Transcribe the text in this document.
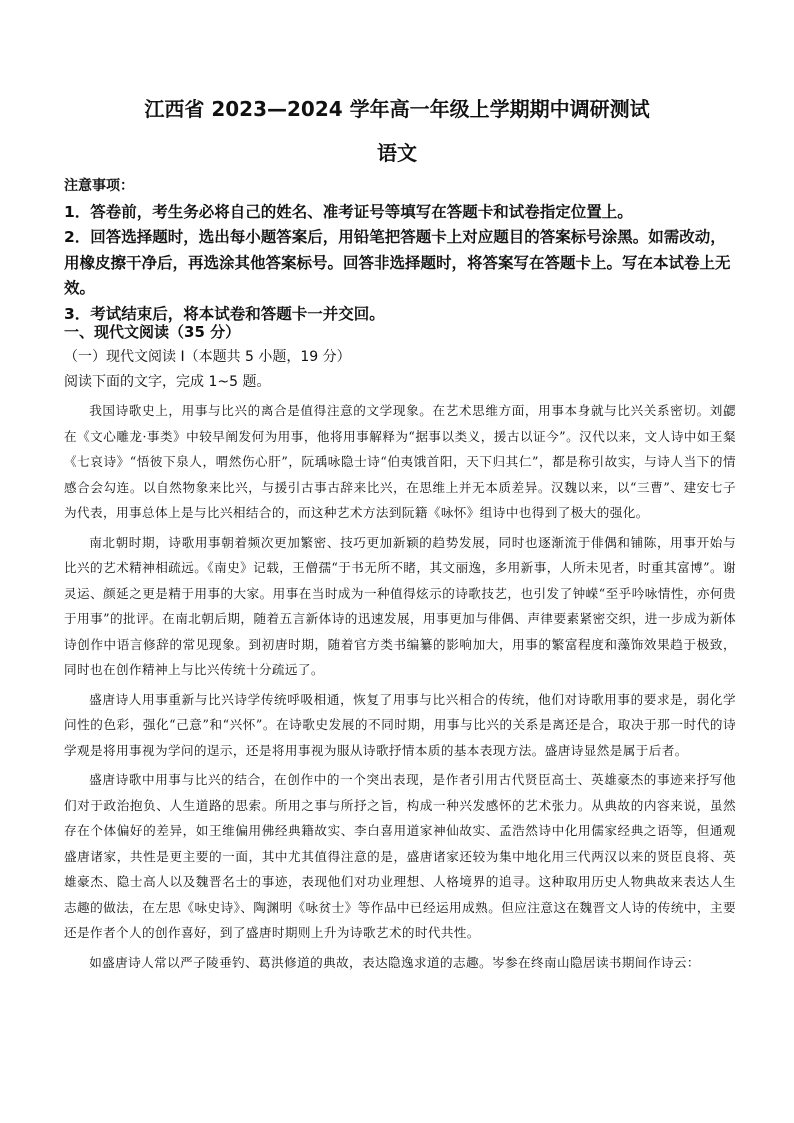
江西省 2023—2024 学年高一年级上学期期中调研测试
语文

注意事项：

1．答卷前，考生务必将自己的姓名、准考证号等填写在答题卡和试卷指定位置上。

2．回答选择题时，选出每小题答案后，用铅笔把答题卡上对应题目的答案标号涂黑。如需改动，用橡皮擦干净后，再选涂其他答案标号。回答非选择题时，将答案写在答题卡上。写在本试卷上无效。

3．考试结束后，将本试卷和答题卡一并交回。

一、现代文阅读（35 分）
（一）现代文阅读 I（本题共 5 小题，19 分）
阅读下面的文字，完成 1~5 题。

我国诗歌史上，用事与比兴的离合是值得注意的文学现象。在艺术思维方面，用事本身就与比兴关系密切。刘勰在《文心雕龙·事类》中较早阐发何为用事，他将用事解释为“据事以类义，援古以证今”。汉代以来，文人诗中如王粲《七哀诗》“悟彼下泉人，喟然伤心肝”，阮瑀咏隐士诗“伯夷饿首阳，天下归其仁”，都是称引故实，与诗人当下的情感合会勾连。以自然物象来比兴，与援引古事古辞来比兴，在思维上并无本质差异。汉魏以来，以“三曹”、建安七子为代表，用事总体上是与比兴相结合的，而这种艺术方法到阮籍《咏怀》组诗中也得到了极大的强化。

南北朝时期，诗歌用事朝着频次更加繁密、技巧更加新颖的趋势发展，同时也逐渐流于俳偶和铺陈，用事开始与比兴的艺术精神相疏远。《南史》记载，王僧孺“于书无所不睹，其文丽逸，多用新事，人所未见者，时重其富博”。谢灵运、颜延之更是精于用事的大家。用事在当时成为一种值得炫示的诗歌技艺，也引发了钟嵘“至乎吟咏情性，亦何贵于用事”的批评。在南北朝后期，随着五言新体诗的迅速发展，用事更加与俳偶、声律要素紧密交织，进一步成为新体诗创作中语言修辞的常见现象。到初唐时期，随着官方类书编纂的影响加大，用事的繁富程度和藻饰效果趋于极致，同时也在创作精神上与比兴传统十分疏远了。

盛唐诗人用事重新与比兴诗学传统呼吸相通，恢复了用事与比兴相合的传统，他们对诗歌用事的要求是，弱化学问性的色彩，强化“己意”和“兴怀”。在诗歌史发展的不同时期，用事与比兴的关系是离还是合，取决于那一时代的诗学观是将用事视为学问的逞示，还是将用事视为服从诗歌抒情本质的基本表现方法。盛唐诗显然是属于后者。

盛唐诗歌中用事与比兴的结合，在创作中的一个突出表现，是作者引用古代贤臣高士、英雄豪杰的事迹来抒写他们对于政治抱负、人生道路的思索。所用之事与所抒之旨，构成一种兴发感怀的艺术张力。从典故的内容来说，虽然存在个体偏好的差异，如王维偏用佛经典籍故实、李白喜用道家神仙故实、孟浩然诗中化用儒家经典之语等，但通观盛唐诸家，共性是更主要的一面，其中尤其值得注意的是，盛唐诸家还较为集中地化用三代两汉以来的贤臣良将、英雄豪杰、隐士高人以及魏晋名士的事迹，表现他们对功业理想、人格境界的追寻。这种取用历史人物典故来表达人生志趣的做法，在左思《咏史诗》、陶渊明《咏贫士》等作品中已经运用成熟。但应注意这在魏晋文人诗的传统中，主要还是作者个人的创作喜好，到了盛唐时期则上升为诗歌艺术的时代共性。

如盛唐诗人常以严子陵垂钓、葛洪修道的典故，表达隐逸求道的志趣。岑参在终南山隐居读书期间作诗云：
